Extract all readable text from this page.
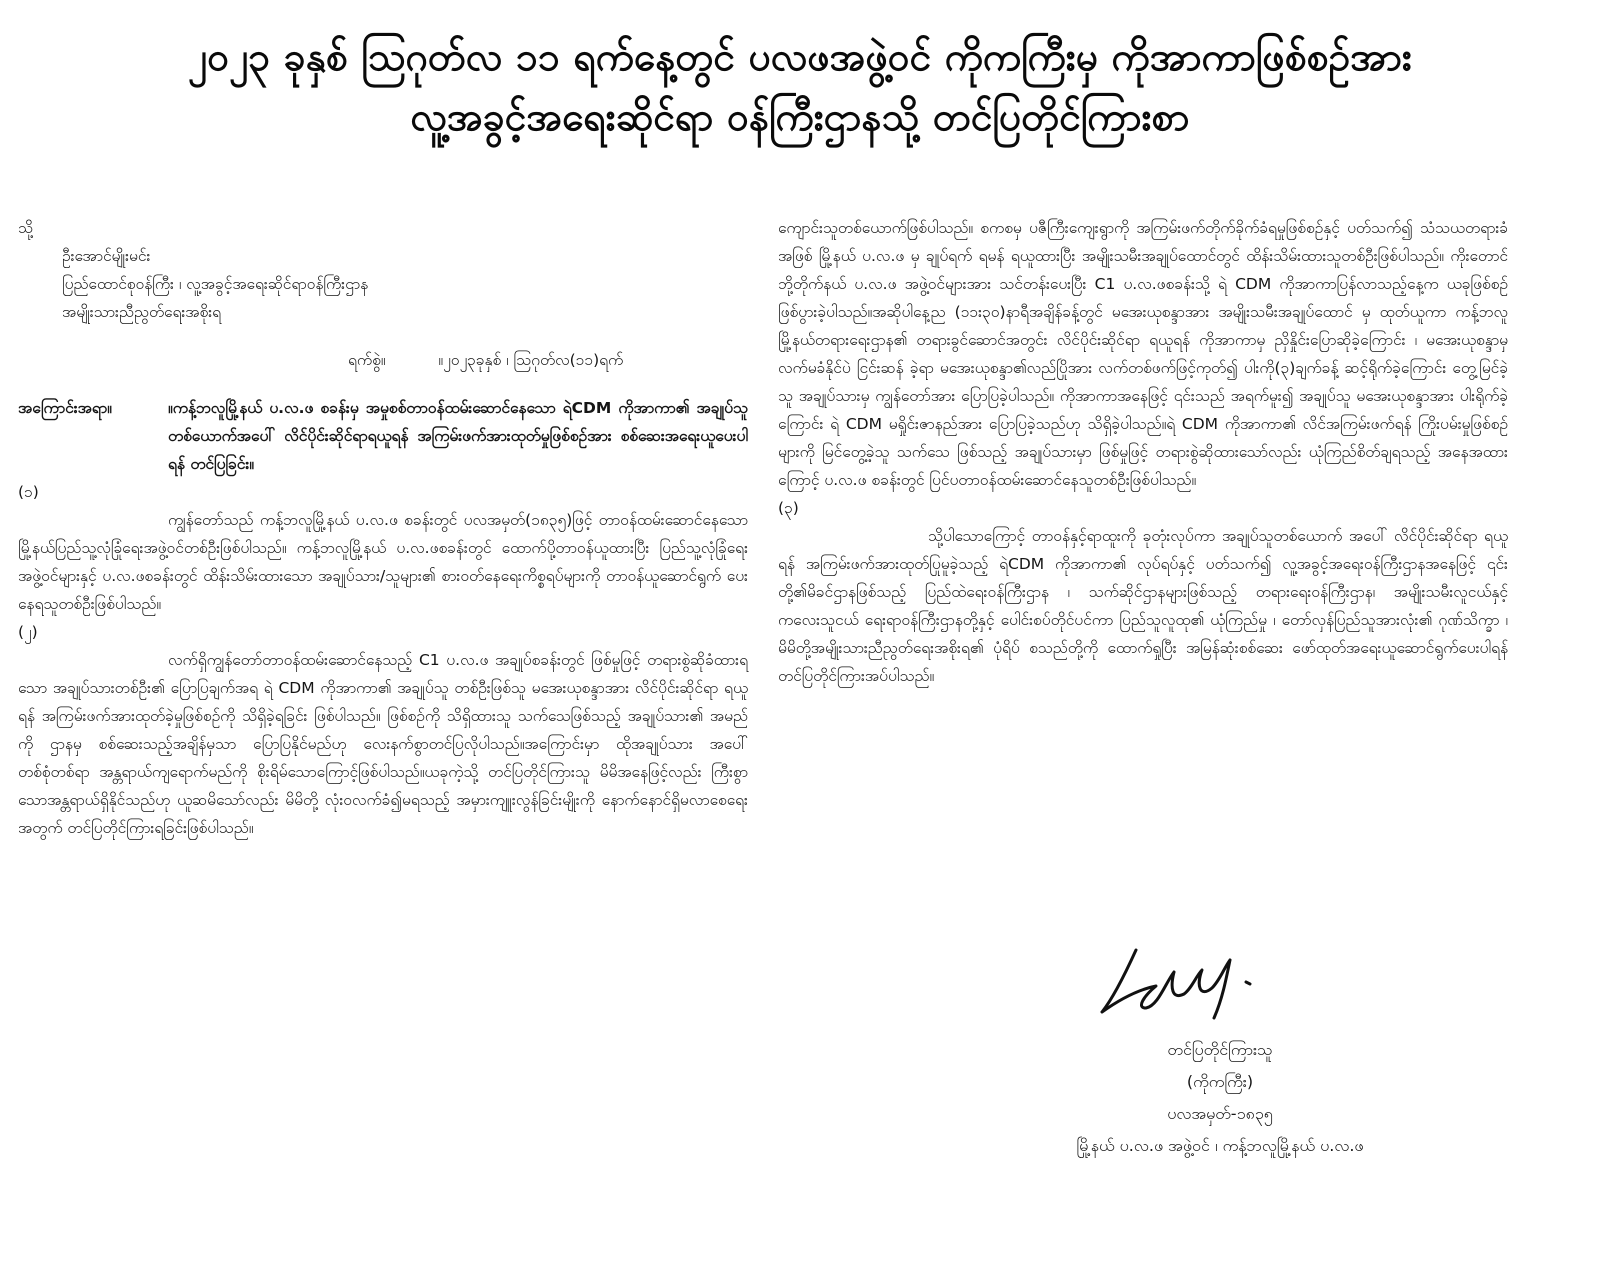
၂၀၂၃ ခုနှစ် ဩဂုတ်လ ၁၁ ရက်နေ့တွင် ပလဖအဖွဲ့ဝင် ကိုကကြီးမှ ကိုအာကာဖြစ်စဉ်အား
လူ့အခွင့်အရေးဆိုင်ရာ ဝန်ကြီးဌာနသို့ တင်ပြတိုင်ကြားစာ
သို့
ဦးအောင်မျိုးမင်း
ပြည်ထောင်စုဝန်ကြီး ၊ လူ့အခွင့်အရေးဆိုင်ရာဝန်ကြီးဌာန
အမျိုးသားညီညွတ်ရေးအစိုးရ
ရက်စွဲ။	။၂၀၂၃ခုနှစ် ၊ ဩဂုတ်လ(၁၁)ရက်
အကြောင်းအရာ။	။ကန့်ဘလူမြို့နယ် ပ.လ.ဖ စခန်းမှ အမှုစစ်တာဝန်ထမ်းဆောင်နေသော ရဲCDM ကိုအာကာ၏ အချုပ်သူတစ်ယောက်အပေါ် လိင်ပိုင်းဆိုင်ရာရယူရန် အကြမ်းဖက်အားထုတ်မှုဖြစ်စဉ်အား စစ်ဆေးအရေးယူပေးပါရန် တင်ပြခြင်း။
(၁)
ကျွန်တော်သည် ကန့်ဘလူမြို့နယ် ပ.လ.ဖ စခန်းတွင် ပလအမှတ်(၁၈၃၅)ဖြင့် တာဝန်ထမ်းဆောင်နေသော မြို့နယ်ပြည်သူ့လုံခြုံရေးအဖွဲ့ဝင်တစ်ဦးဖြစ်ပါသည်။ ကန့်ဘလူမြို့နယ် ပ.လ.ဖစခန်းတွင် ထောက်ပို့တာဝန်ယူထားပြီး ပြည်သူ့လုံခြုံရေးအဖွဲ့ဝင်များနှင့် ပ.လ.ဖစခန်းတွင် ထိန်းသိမ်းထားသော အချုပ်သား/သူများ၏ စားဝတ်နေရေးကိစ္စရပ်များကို တာဝန်ယူဆောင်ရွက် ပေးနေရသူတစ်ဦးဖြစ်ပါသည်။
(၂)
လက်ရှိကျွန်တော်တာဝန်ထမ်းဆောင်နေသည့် C1 ပ.လ.ဖ အချုပ်စခန်းတွင် ဖြစ်မှုဖြင့် တရားစွဲဆိုခံထားရသော အချုပ်သားတစ်ဦး၏ ပြောပြချက်အရ ရဲ CDM ကိုအာကာ၏ အချုပ်သူ တစ်ဦးဖြစ်သူ မအေးယုစန္ဒာအား လိင်ပိုင်းဆိုင်ရာ ရယူရန် အကြမ်းဖက်အားထုတ်ခဲ့မှုဖြစ်စဉ်ကို သိရှိခဲ့ရခြင်း ဖြစ်ပါသည်။ ဖြစ်စဉ်ကို သိရှိထားသူ သက်သေဖြစ်သည့် အချုပ်သား၏ အမည်ကို ဌာနမှ စစ်ဆေးသည့်အချိန်မှသာ ပြောပြနိုင်မည်ဟု လေးနက်စွာတင်ပြလိုပါသည်။အကြောင်းမှာ ထိုအချုပ်သား အပေါ် တစ်စုံတစ်ရာ အန္တရာယ်ကျရောက်မည်ကို စိုးရိမ်သောကြောင့်ဖြစ်ပါသည်။ယခုကဲ့သို့ တင်ပြတိုင်ကြားသူ မိမိအနေဖြင့်လည်း ကြီးစွာသောအန္တရာယ်ရှိနိုင်သည်ဟု ယူဆမိသော်လည်း မိမိတို့ လုံးဝလက်ခံ၍မရသည့် အမှားကျူးလွန်ခြင်းမျိုးကို နောက်နောင်ရှိမလာစေရေးအတွက် တင်ပြတိုင်ကြားရခြင်းဖြစ်ပါသည်။
ကျောင်းသူတစ်ယောက်ဖြစ်ပါသည်။ စကစမှ ပဇီကြီးကျေးရွာကို အကြမ်းဖက်တိုက်ခိုက်ခံရမှုဖြစ်စဉ်နှင့် ပတ်သက်၍ သံသယတရားခံအဖြစ် မြို့နယ် ပ.လ.ဖ မှ ချုပ်ရက် ရမန် ရယူထားပြီး အမျိုးသမီးအချုပ်ထောင်တွင် ထိန်းသိမ်းထားသူတစ်ဦးဖြစ်ပါသည်။ ကိုးတောင်ဘို့တိုက်နယ် ပ.လ.ဖ အဖွဲ့ဝင်များအား သင်တန်းပေးပြီး C1 ပ.လ.ဖစခန်းသို့ ရဲ CDM ကိုအာကာပြန်လာသည့်နေ့က ယခုဖြစ်စဉ် ဖြစ်ပွားခဲ့ပါသည်။အဆိုပါနေ့ည (၁၁း၃၀)နာရီအချိန်ခန့်တွင် မအေးယုစန္ဒာအား အမျိုးသမီးအချုပ်ထောင် မှ ထုတ်ယူကာ ကန့်ဘလူမြို့နယ်တရားရေးဌာန၏ တရားခွင်ဆောင်အတွင်း လိင်ပိုင်းဆိုင်ရာ ရယူရန် ကိုအာကာမှ ညှိနှိုင်းပြောဆိုခဲ့ကြောင်း ၊ မအေးယုစန္ဒာမှ လက်မခံနိုင်ပဲ ငြင်းဆန် ခဲ့ရာ မအေးယုစန္ဒာ၏လည်ပြိုအား လက်တစ်ဖက်ဖြင့်ကုတ်၍ ပါးကို(၃)ချက်ခန့် ဆင့်ရိုက်ခဲ့ကြောင်း တွေ့မြင်ခဲ့သူ အချုပ်သားမှ ကျွန်တော်အား ပြောပြခဲ့ပါသည်။ ကိုအာကာအနေဖြင့် ၎င်းသည် အရက်မူး၍ အချုပ်သူ မအေးယုစန္ဒာအား ပါးရိုက်ခဲ့ကြောင်း ရဲ CDM မရှိုင်းဇာနည်အား ပြောပြခဲ့သည်ဟု သိရှိခဲ့ပါသည်။ရဲ CDM ကိုအာကာ၏ လိင်အကြမ်းဖက်ရန် ကြိုးပမ်းမှုဖြစ်စဉ်များကို မြင်တွေ့ခဲ့သူ သက်သေ ဖြစ်သည့် အချုပ်သားမှာ ဖြစ်မှုဖြင့် တရားစွဲဆိုထားသော်လည်း ယုံကြည်စိတ်ချရသည့် အနေအထားကြောင့် ပ.လ.ဖ စခန်းတွင် ပြင်ပတာဝန်ထမ်းဆောင်နေသူတစ်ဦးဖြစ်ပါသည်။
(၃)
သို့ပါသောကြောင့် တာဝန်နှင့်ရာထူးကို ခုတုံးလုပ်ကာ အချုပ်သူတစ်ယောက် အပေါ် လိင်ပိုင်းဆိုင်ရာ ရယူရန် အကြမ်းဖက်အားထုတ်ပြုမူခဲ့သည့် ရဲCDM ကိုအာကာ၏ လုပ်ရပ်နှင့် ပတ်သက်၍ လူ့အခွင့်အရေးဝန်ကြီးဌာနအနေဖြင့် ၎င်းတို့၏မိခင်ဌာနဖြစ်သည့် ပြည်ထဲရေးဝန်ကြီးဌာန ၊ သက်ဆိုင်ဌာနများဖြစ်သည့် တရားရေးဝန်ကြီးဌာန၊ အမျိုးသမီးလူငယ်နှင့်ကလေးသူငယ် ရေးရာဝန်ကြီးဌာနတို့နှင့် ပေါင်းစပ်တိုင်ပင်ကာ ပြည်သူလူထု၏ ယုံကြည်မှု ၊ တော်လှန်ပြည်သူအားလုံး၏ ဂုဏ်သိက္ခာ ၊ မိမိတို့အမျိုးသားညီညွတ်ရေးအစိုးရ၏ ပုံရိပ် စသည်တို့ကို ထောက်ရှုပြီး အမြန်ဆုံးစစ်ဆေး ဖော်ထုတ်အရေးယူဆောင်ရွက်ပေးပါရန် တင်ပြတိုင်ကြားအပ်ပါသည်။
တင်ပြတိုင်ကြားသူ
(ကိုကကြီး)
ပလအမှတ်-၁၈၃၅
မြို့နယ် ပ.လ.ဖ အဖွဲ့ဝင် ၊ ကန့်ဘလူမြို့နယ် ပ.လ.ဖ
